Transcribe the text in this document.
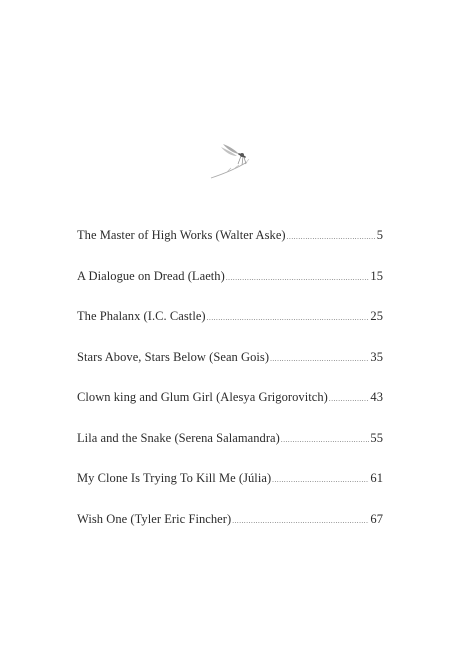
The Master of High Works (Walter Aske) .....	5
A Dialogue on Dread (Laeth) .....	15
The Phalanx (I.C. Castle) .....	25
Stars Above, Stars Below (Sean Gois) .....	35
Clown king and Glum Girl (Alesya Grigorovitch) .....	43
Lila and the Snake (Serena Salamandra) .....	55
My Clone Is Trying To Kill Me (Júlia) .....	61
Wish One (Tyler Eric Fincher) .....	67
